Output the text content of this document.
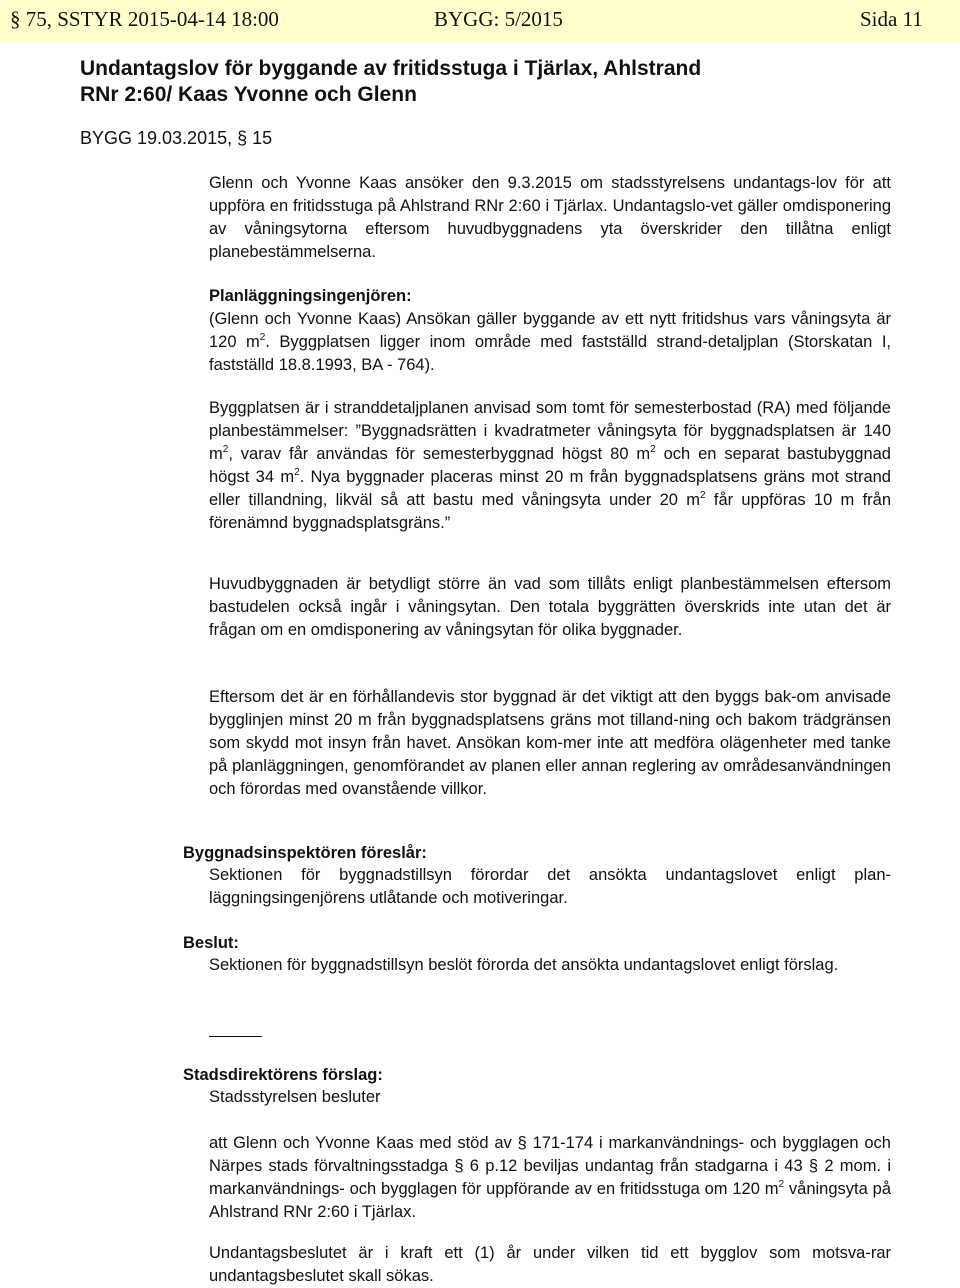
§ 75, SSTYR 2015-04-14 18:00	BYGG: 5/2015	Sida 11
Undantagslov för byggande av fritidsstuga i Tjärlax, Ahlstrand
RNr 2:60/ Kaas Yvonne och Glenn
BYGG 19.03.2015, § 15

Glenn och Yvonne Kaas ansöker den 9.3.2015 om stadsstyrelsens undantags-lov för att uppföra en fritidsstuga på Ahlstrand RNr 2:60 i Tjärlax. Undantagslo-vet gäller omdisponering av våningsytorna eftersom huvudbyggnadens yta överskrider den tillåtna enligt planebestämmelserna.

Planläggningsingenjören:
(Glenn och Yvonne Kaas) Ansökan gäller byggande av ett nytt fritidshus vars våningsyta är 120 $m^2$. Byggplatsen ligger inom område med fastställd strand-detaljplan (Storskatan I, fastställd 18.8.1993, BA - 764).

Byggplatsen är i stranddetaljplanen anvisad som tomt för semesterbostad (RA) med följande planbestämmelser: ”Byggnadsrätten i kvadratmeter våningsyta för byggnadsplatsen är 140 $m^2$, varav får användas för semesterbyggnad högst 80 $m^2$ och en separat bastubyggnad högst 34 $m^2$. Nya byggnader placeras minst 20 m från byggnadsplatsens gräns mot strand eller tillandning, likväl så att bastu med våningsyta under 20 $m^2$ får uppföras 10 m från förenämnd byggnadsplatsgräns.”

Huvudbyggnaden är betydligt större än vad som tillåts enligt planbestämmelsen eftersom bastudelen också ingår i våningsytan. Den totala byggrätten överskrids inte utan det är frågan om en omdisponering av våningsytan för olika byggnader.

Eftersom det är en förhållandevis stor byggnad är det viktigt att den byggs bak-om anvisade bygglinjen minst 20 m från byggnadsplatsens gräns mot tilland-ning och bakom trädgränsen som skydd mot insyn från havet. Ansökan kom-mer inte att medföra olägenheter med tanke på planläggningen, genomförandet av planen eller annan reglering av områdesanvändningen och förordas med ovanstående villkor.

Byggnadsinspektören föreslår:

Sektionen för byggnadstillsyn förordar det ansökta undantagslovet enligt plan-läggningsingenjörens utlåtande och motiveringar.

Beslut:

Sektionen för byggnadstillsyn beslöt förorda det ansökta undantagslovet enligt förslag.

Stadsdirektörens förslag:

Stadsstyrelsen besluter

att Glenn och Yvonne Kaas med stöd av § 171-174 i markanvändnings- och bygglagen och Närpes stads förvaltningsstadga § 6 p.12 beviljas undantag från stadgarna i 43 § 2 mom. i markanvändnings- och bygglagen för uppförande av en fritidsstuga om 120 $m^2$ våningsyta på Ahlstrand RNr 2:60 i Tjärlax.

Undantagsbeslutet är i kraft ett (1) år under vilken tid ett bygglov som motsva-rar undantagsbeslutet skall sökas.
